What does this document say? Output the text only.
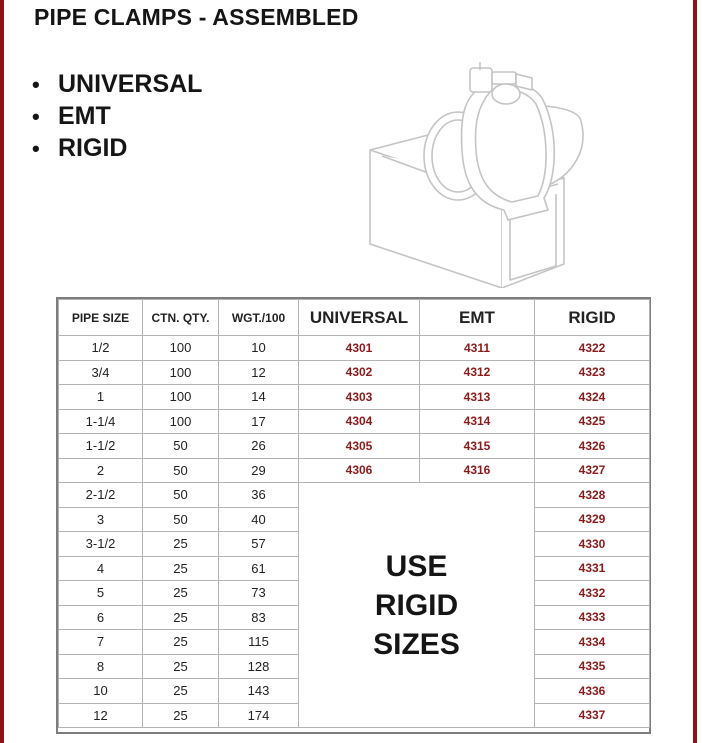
PIPE CLAMPS - ASSEMBLED
• UNIVERSAL
• EMT
• RIGID
PIPE SIZE	CTN. QTY.	WGT./100	UNIVERSAL	EMT	RIGID
1/2	100	10	4301	4311	4322
3/4	100	12	4302	4312	4323
1	100	14	4303	4313	4324
1-1/4	100	17	4304	4314	4325
1-1/2	50	26	4305	4315	4326
2	50	29	4306	4316	4327
2-1/2	50	36	USE
RIGID
SIZES		4328
3	50	40			4329
3-1/2	25	57			4330
4	25	61			4331
5	25	73			4332
6	25	83			4333
7	25	115			4334
8	25	128			4335
10	25	143			4336
12	25	174			4337
